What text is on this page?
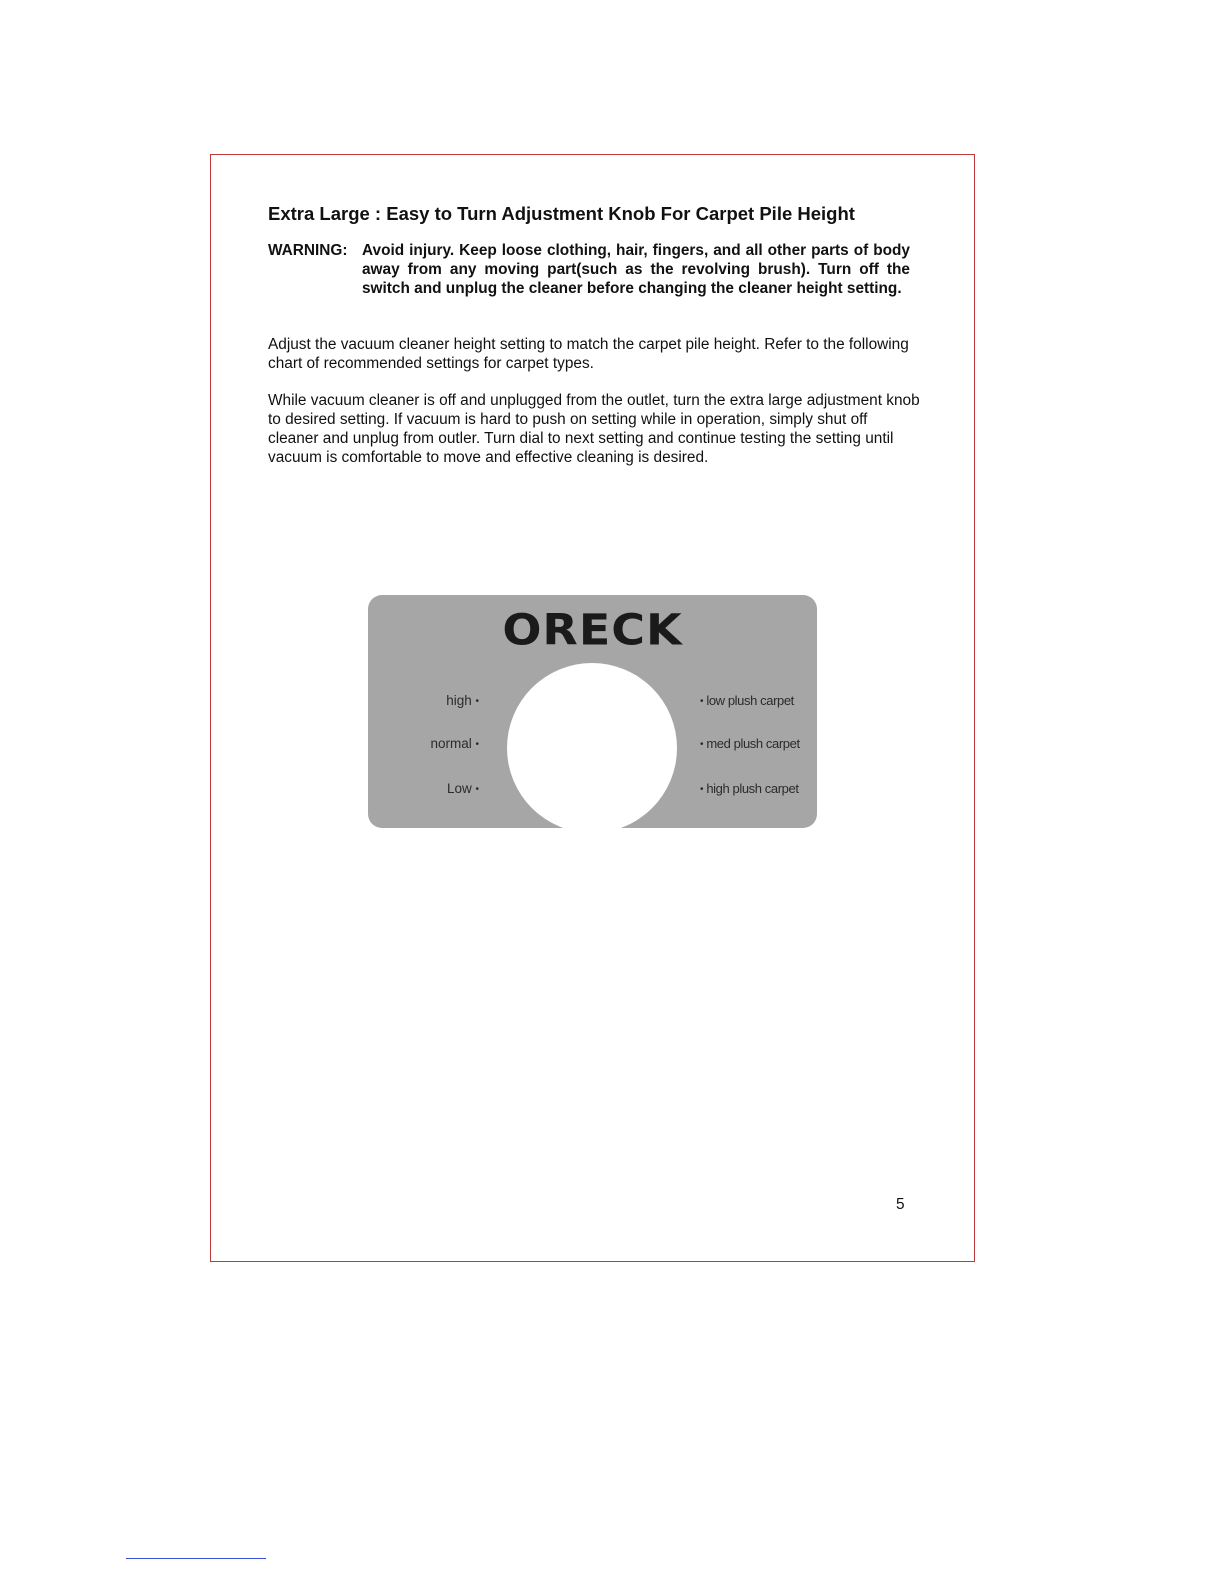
Extra Large : Easy to Turn Adjustment Knob For Carpet Pile Height
WARNING: Avoid injury. Keep loose clothing, hair, fingers, and all other parts of body away from any moving part(such as the revolving brush). Turn off the switch and unplug the cleaner before changing the cleaner height setting.

Adjust the vacuum cleaner height setting to match the carpet pile height. Refer to the following chart of recommended settings for carpet types.

While vacuum cleaner is off and unplugged from the outlet, turn the extra large adjustment knob to desired setting. If vacuum is hard to push on setting while in operation, simply shut off cleaner and unplug from outler. Turn dial to next setting and continue testing the setting until vacuum is comfortable to move and effective cleaning is desired.

ORECK
high •
normal •
Low •
• low plush carpet
• med plush carpet
• high plush carpet
5
